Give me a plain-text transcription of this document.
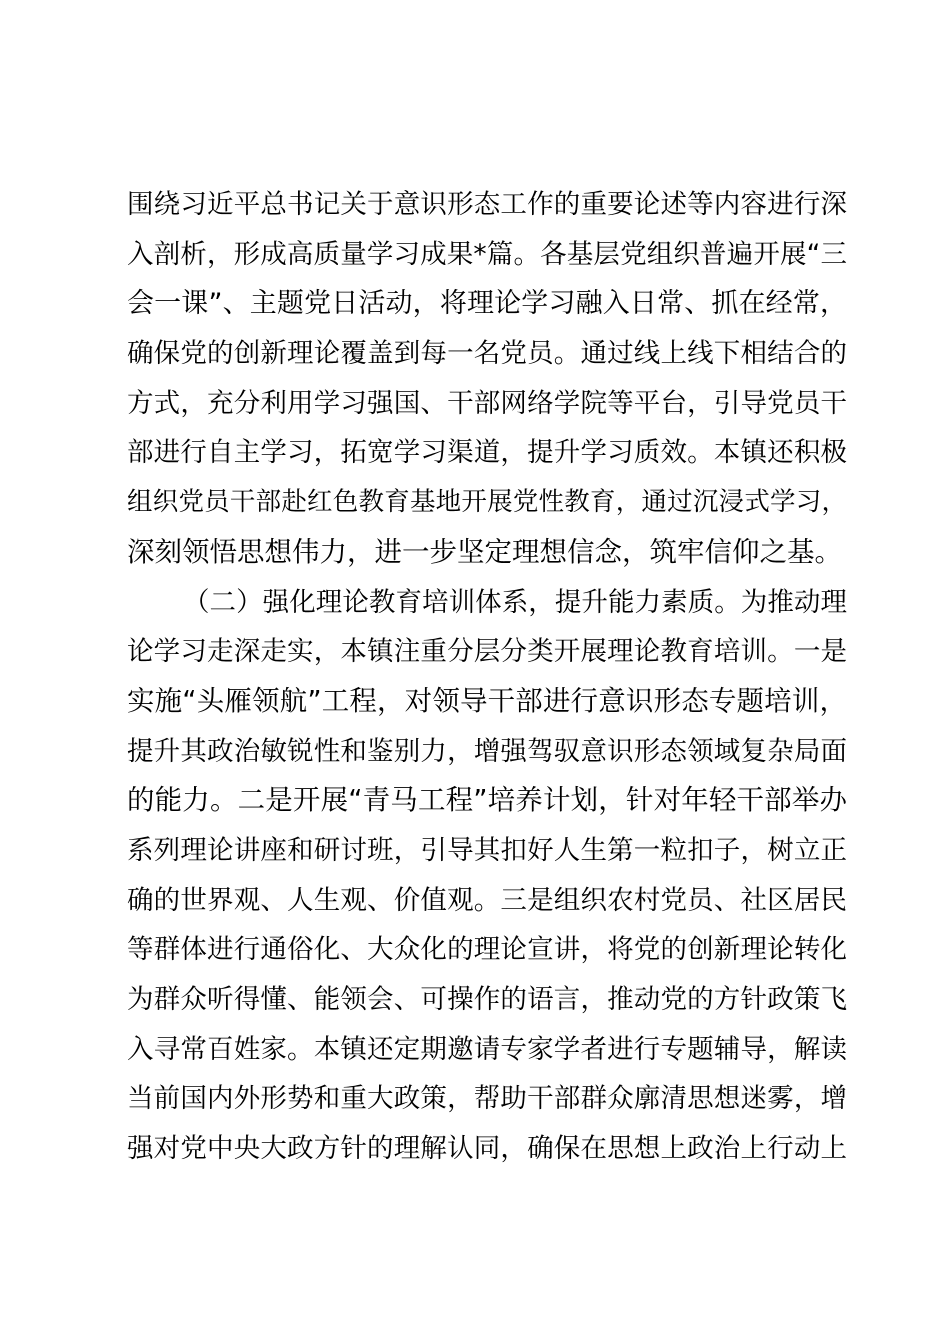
围绕习近平总书记关于意识形态工作的重要论述等内容进行深
入剖析，形成高质量学习成果*篇。各基层党组织普遍开展“三
会一课”、主题党日活动，将理论学习融入日常、抓在经常，
确保党的创新理论覆盖到每一名党员。通过线上线下相结合的
方式，充分利用学习强国、干部网络学院等平台，引导党员干
部进行自主学习，拓宽学习渠道，提升学习质效。本镇还积极
组织党员干部赴红色教育基地开展党性教育，通过沉浸式学习，
深刻领悟思想伟力，进一步坚定理想信念，筑牢信仰之基。
（二）强化理论教育培训体系，提升能力素质。为推动理
论学习走深走实，本镇注重分层分类开展理论教育培训。一是
实施“头雁领航”工程，对领导干部进行意识形态专题培训，
提升其政治敏锐性和鉴别力，增强驾驭意识形态领域复杂局面
的能力。二是开展“青马工程”培养计划，针对年轻干部举办
系列理论讲座和研讨班，引导其扣好人生第一粒扣子，树立正
确的世界观、人生观、价值观。三是组织农村党员、社区居民
等群体进行通俗化、大众化的理论宣讲，将党的创新理论转化
为群众听得懂、能领会、可操作的语言，推动党的方针政策飞
入寻常百姓家。本镇还定期邀请专家学者进行专题辅导，解读
当前国内外形势和重大政策，帮助干部群众廓清思想迷雾，增
强对党中央大政方针的理解认同，确保在思想上政治上行动上
